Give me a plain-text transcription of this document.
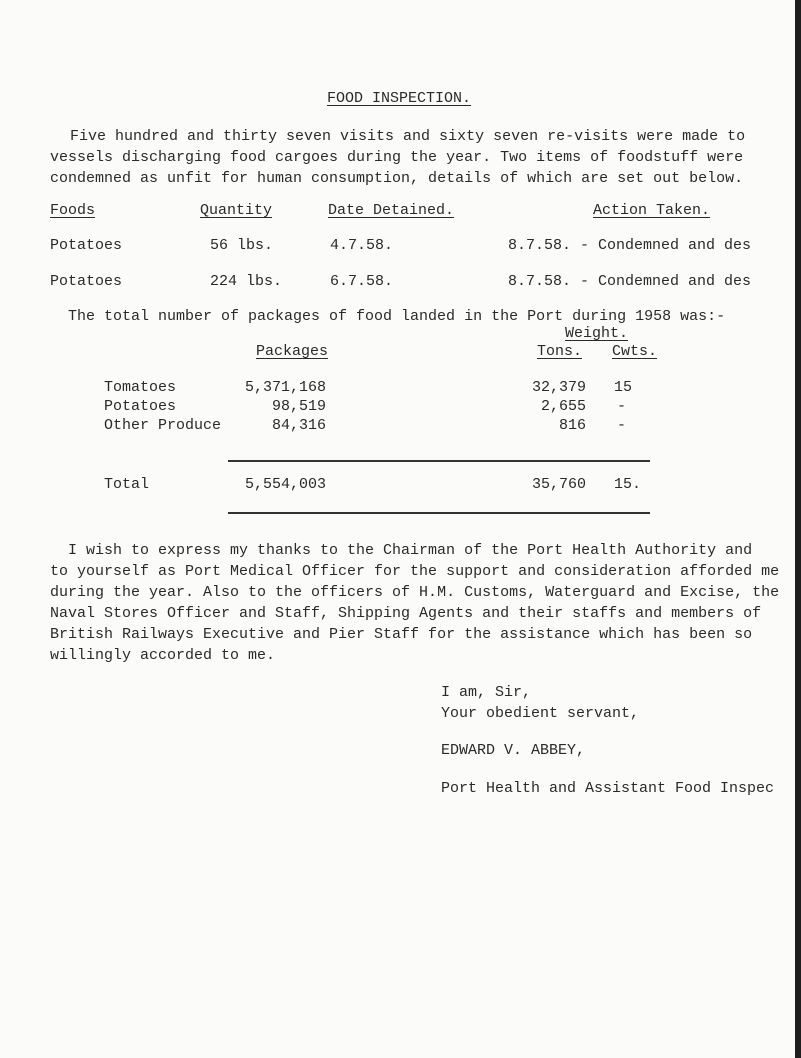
FOOD INSPECTION.
Five hundred and thirty seven visits and sixty seven re-visits were made to
vessels discharging food cargoes during the year. Two items of foodstuff were
condemned as unfit for human consumption, details of which are set out below.
Foods	Quantity	Date Detained.	Action Taken.
Potatoes	56 lbs.	4.7.58.	8.7.58. - Condemned and des
Potatoes	224 lbs.	6.7.58.	8.7.58. - Condemned and des
The total number of packages of food landed in the Port during 1958 was:-
Weight.
Packages	Tons. Cwts.
Tomatoes	5,371,168	32,379 15
Potatoes	98,519	2,655 -
Other Produce	84,316	816 -
Total	5,554,003	35,760 15.
I wish to express my thanks to the Chairman of the Port Health Authority and
to yourself as Port Medical Officer for the support and consideration afforded me
during the year. Also to the officers of H.M. Customs, Waterguard and Excise, the
Naval Stores Officer and Staff, Shipping Agents and their staffs and members of
British Railways Executive and Pier Staff for the assistance which has been so
willingly accorded to me.
I am, Sir,
Your obedient servant,
EDWARD V. ABBEY,
Port Health and Assistant Food Inspec
